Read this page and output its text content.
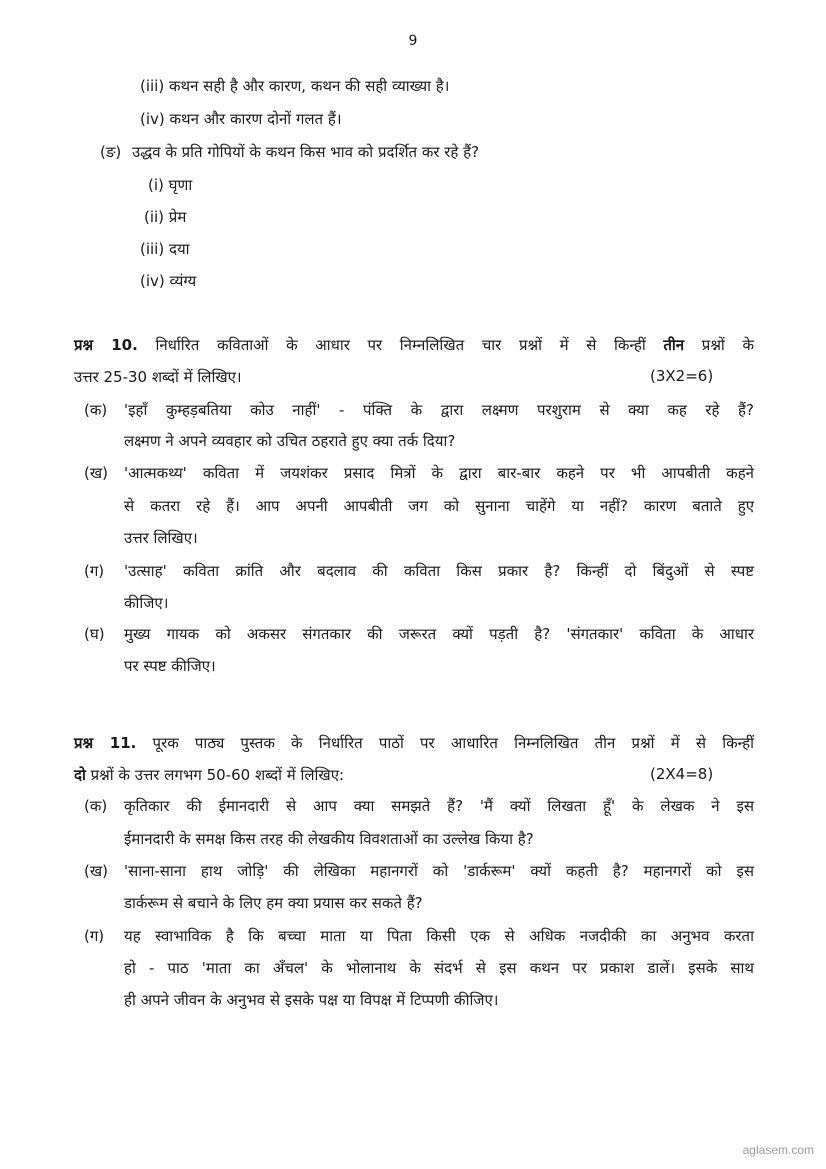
9
(iii) कथन सही है और कारण, कथन की सही व्याख्या है।
(iv) कथन और कारण दोनों गलत हैं।
(ङ) उद्धव के प्रति गोपियों के कथन किस भाव को प्रदर्शित कर रहे हैं?
(i) घृणा
(ii) प्रेम
(iii) दया
(iv) व्यंग्य
प्रश्न 10. निर्धारित कविताओं के आधार पर निम्नलिखित चार प्रश्नों में से किन्हीं तीन प्रश्नों के
उत्तर 25-30 शब्दों में लिखिए।	(3X2=6)
(क) 'इहाँ कुम्हड़बतिया कोउ नाहीं' - पंक्ति के द्वारा लक्ष्मण परशुराम से क्या कह रहे हैं?
लक्ष्मण ने अपने व्यवहार को उचित ठहराते हुए क्या तर्क दिया?
(ख) 'आत्मकथ्य' कविता में जयशंकर प्रसाद मित्रों के द्वारा बार-बार कहने पर भी आपबीती कहने
से कतरा रहे हैं। आप अपनी आपबीती जग को सुनाना चाहेंगे या नहीं? कारण बताते हुए
उत्तर लिखिए।
(ग) 'उत्साह' कविता क्रांति और बदलाव की कविता किस प्रकार है? किन्हीं दो बिंदुओं से स्पष्ट
कीजिए।
(घ) मुख्य गायक को अकसर संगतकार की जरूरत क्यों पड़ती है? 'संगतकार' कविता के आधार
पर स्पष्ट कीजिए।
प्रश्न 11. पूरक पाठ्य पुस्तक के निर्धारित पाठों पर आधारित निम्नलिखित तीन प्रश्नों में से किन्हीं
दो प्रश्नों के उत्तर लगभग 50-60 शब्दों में लिखिए:	(2X4=8)
(क) कृतिकार की ईमानदारी से आप क्या समझते हैं? 'मैं क्यों लिखता हूँ' के लेखक ने इस
ईमानदारी के समक्ष किस तरह की लेखकीय विवशताओं का उल्लेख किया है?
(ख) 'साना-साना हाथ जोड़ि' की लेखिका महानगरों को 'डार्करूम' क्यों कहती है? महानगरों को इस
डार्करूम से बचाने के लिए हम क्या प्रयास कर सकते हैं?
(ग) यह स्वाभाविक है कि बच्चा माता या पिता किसी एक से अधिक नजदीकी का अनुभव करता
हो - पाठ 'माता का अँचल' के भोलानाथ के संदर्भ से इस कथन पर प्रकाश डालें। इसके साथ
ही अपने जीवन के अनुभव से इसके पक्ष या विपक्ष में टिप्पणी कीजिए।
aglasem.com
